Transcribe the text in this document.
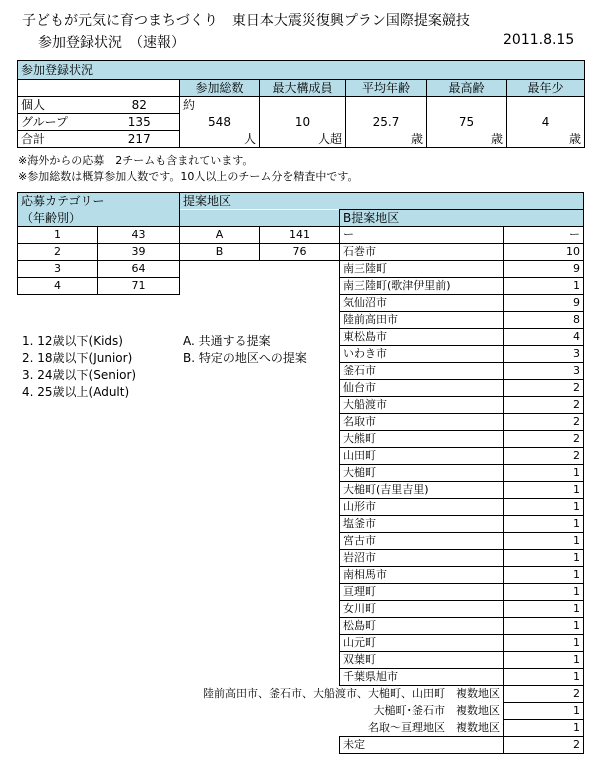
子どもが元気に育つまちづくり　東日本大震災復興プラン国際提案競技
参加登録状況　（速報）	2011.8.15
参加登録状況						
		参加総数	最大構成員	平均年齢	最高齢	最年少
個人	82	約				
グループ	135	548	10	25.7	75	4
合計	217	人	人超	歳	歳	歳
※海外からの応募　2チームも含まれています。
※参加総数は概算参加人数です。10人以上のチーム分を精査中です。
応募カテゴリー		提案地区			
（年齢別）				B提案地区	
1	43	A	141	ー	ー
2	39	B	76	石巻市	10
3	64			南三陸町	9
4	71			南三陸町(歌津伊里前)	1
				気仙沼市	9
				陸前高田市	8
				東松島市	4
				いわき市	3
				釜石市	3
				仙台市	2
				大船渡市	2
				名取市	2
				大熊町	2
				山田町	2
				大槌町	1
				大槌町(吉里吉里)	1
				山形市	1
				塩釜市	1
				宮古市	1
				岩沼市	1
				南相馬市	1
				亘理町	1
				女川町	1
				松島町	1
				山元町	1
				双葉町	1
				千葉県旭市	1
陸前高田市、釜石市、大船渡市、大槌町、山田町　複数地区					2
大槌町･釜石市　複数地区					1
名取～亘理地区　複数地区					1
				未定	2
1. 12歳以下(Kids)
2. 18歳以下(Junior)
3. 24歳以下(Senior)
4. 25歳以上(Adult)
A. 共通する提案
B. 特定の地区への提案
